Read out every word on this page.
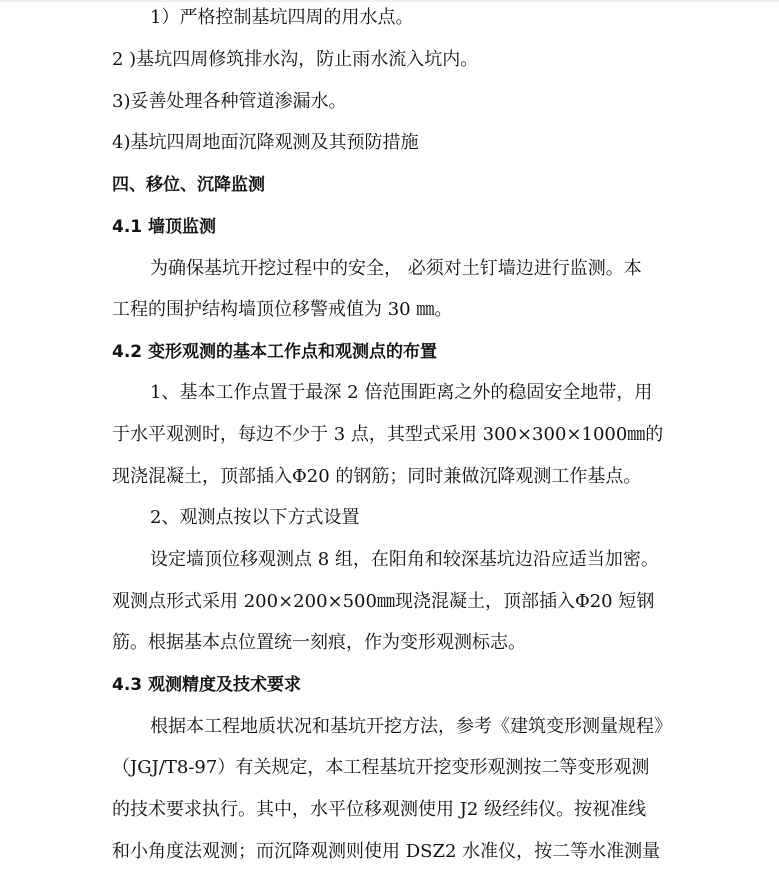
1）严格控制基坑四周的用水点。
2 )基坑四周修筑排水沟，防止雨水流入坑内。
3)妥善处理各种管道渗漏水。
4)基坑四周地面沉降观测及其预防措施
四、移位、沉降监测
4.1 墙顶监测
为确保基坑开挖过程中的安全， 必须对土钉墙边进行监测。本
工程的围护结构墙顶位移警戒值为 30 ㎜。
4.2 变形观测的基本工作点和观测点的布置
1、基本工作点置于最深 2 倍范围距离之外的稳固安全地带，用
于水平观测时，每边不少于 3 点，其型式采用 300×300×1000㎜的
现浇混凝土，顶部插入Φ20 的钢筋；同时兼做沉降观测工作基点。
2、观测点按以下方式设置
设定墙顶位移观测点 8 组，在阳角和较深基坑边沿应适当加密。
观测点形式采用 200×200×500㎜现浇混凝土，顶部插入Φ20 短钢
筋。根据基本点位置统一刻痕，作为变形观测标志。
4.3 观测精度及技术要求
根据本工程地质状况和基坑开挖方法，参考《建筑变形测量规程》
（JGJ/T8-97）有关规定，本工程基坑开挖变形观测按二等变形观测
的技术要求执行。其中，水平位移观测使用 J2 级经纬仪。按视准线
和小角度法观测；而沉降观测则使用 DSZ2 水准仪，按二等水准测量
